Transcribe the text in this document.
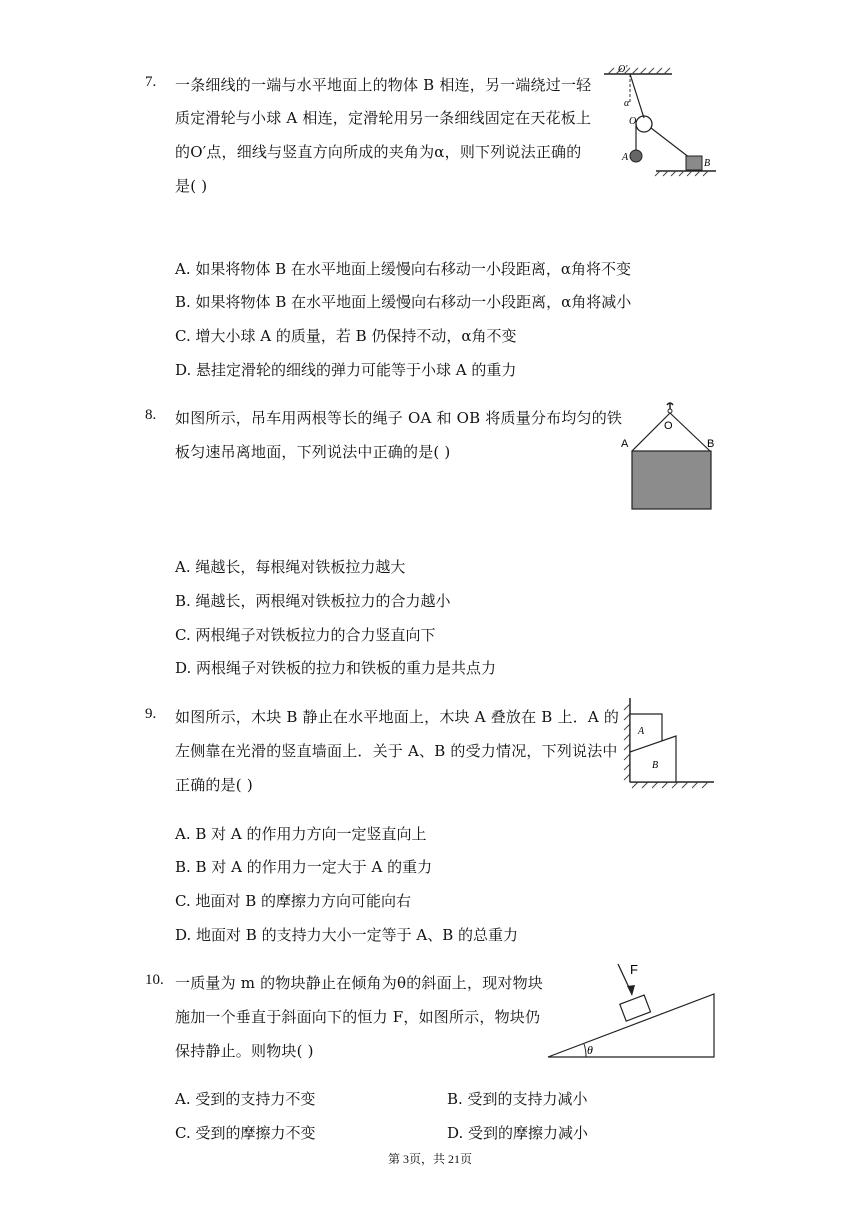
7. 一条细线的一端与水平地面上的物体 B 相连，另一端绕过一轻
质定滑轮与小球 A 相连，定滑轮用另一条细线固定在天花板上
的O′点，细线与竖直方向所成的夹角为α，则下列说法正确的
是( )
O'
α
O
A
B
A. 如果将物体 B 在水平地面上缓慢向右移动一小段距离，α角将不变
B. 如果将物体 B 在水平地面上缓慢向右移动一小段距离，α角将减小
C. 增大小球 A 的质量，若 B 仍保持不动，α角不变
D. 悬挂定滑轮的细线的弹力可能等于小球 A 的重力
8. 如图所示，吊车用两根等长的绳子 OA 和 OB 将质量分布均匀的铁
板匀速吊离地面，下列说法中正确的是( )
O
A	B
A. 绳越长，每根绳对铁板拉力越大
B. 绳越长，两根绳对铁板拉力的合力越小
C. 两根绳子对铁板拉力的合力竖直向下
D. 两根绳子对铁板的拉力和铁板的重力是共点力
9. 如图所示，木块 B 静止在水平地面上，木块 A 叠放在 B 上．A 的
左侧靠在光滑的竖直墙面上．关于 A、B 的受力情况，下列说法中
正确的是( )
A
B
A. B 对 A 的作用力方向一定竖直向上
B. B 对 A 的作用力一定大于 A 的重力
C. 地面对 B 的摩擦力方向可能向右
D. 地面对 B 的支持力大小一定等于 A、B 的总重力
10. 一质量为 m 的物块静止在倾角为θ的斜面上，现对物块
施加一个垂直于斜面向下的恒力 F，如图所示，物块仍
保持静止。则物块( )
F
θ
A. 受到的支持力不变	B. 受到的支持力减小
C. 受到的摩擦力不变	D. 受到的摩擦力减小
第 3页，共 21页
